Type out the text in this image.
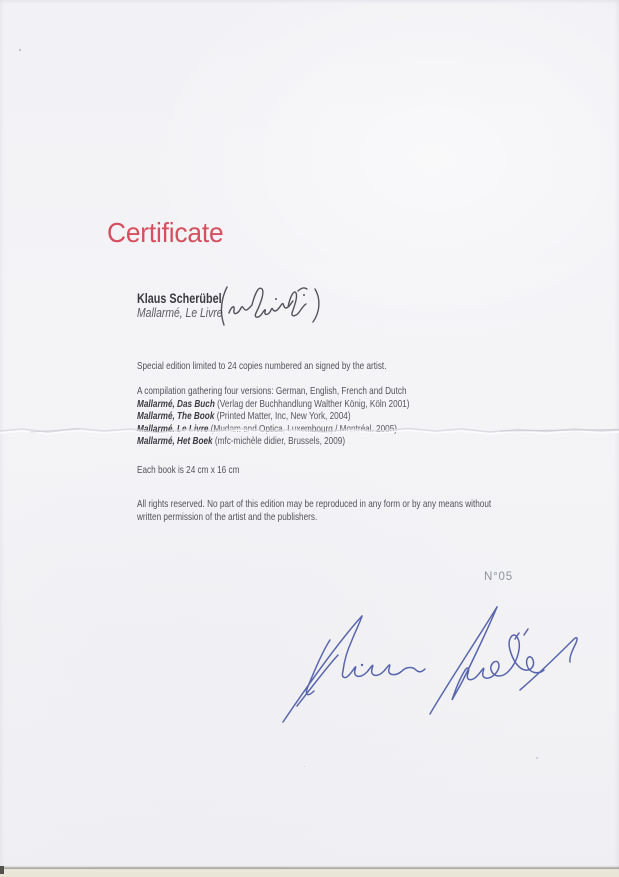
Certificate
Klaus Scherübel
Mallarmé, Le Livre
Special edition limited to 24 copies numbered an signed by the artist.
A compilation gathering four versions: German, English, French and Dutch
Mallarmé, Das Buch (Verlag der Buchhandlung Walther König, Köln 2001)
Mallarmé, The Book (Printed Matter, Inc, New York, 2004)
Mallarmé, Le Livre (Mudam and Optica, Luxembourg / Montréal, 2005)
Mallarmé, Het Boek (mfc-michèle didier, Brussels, 2009)
Each book is 24 cm x 16 cm
All rights reserved. No part of this edition may be reproduced in any form or by any means without
written permission of the artist and the publishers.
N°05
